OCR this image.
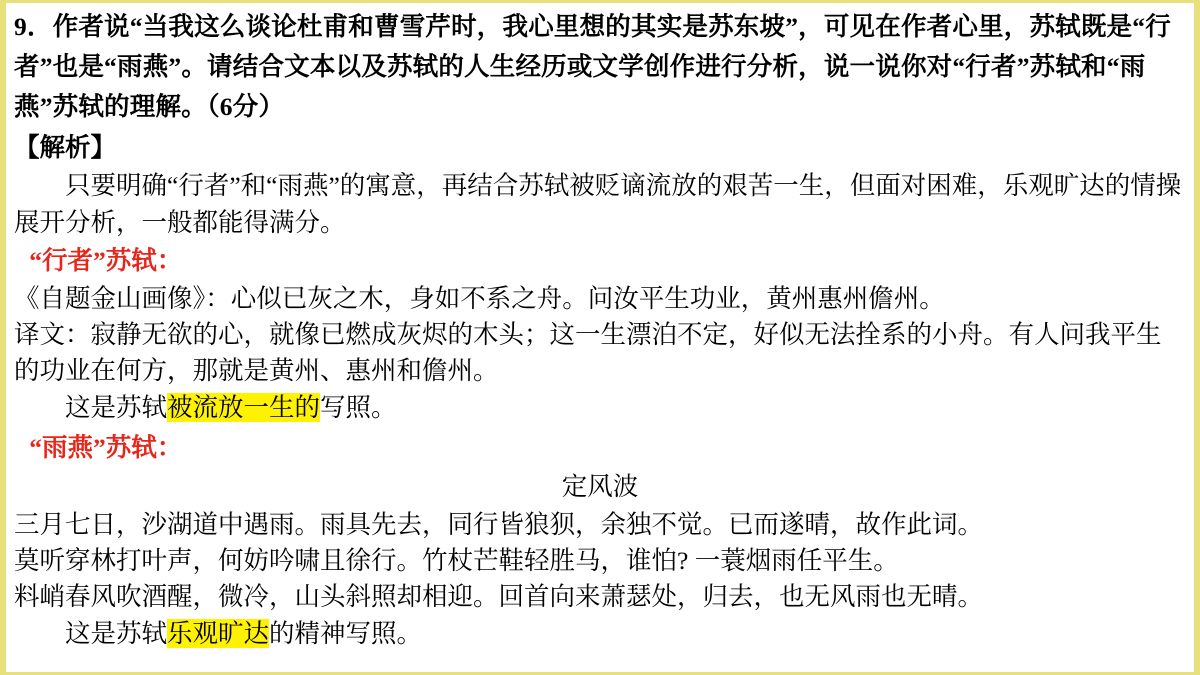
9．作者说“当我这么谈论杜甫和曹雪芹时，我心里想的其实是苏东坡”，可见在作者心里，苏轼既是“行者”也是“雨燕”。请结合文本以及苏轼的人生经历或文学创作进行分析，说一说你对“行者”苏轼和“雨燕”苏轼的理解。（6分）
【解析】
只要明确“行者”和“雨燕”的寓意，再结合苏轼被贬谪流放的艰苦一生，但面对困难，乐观旷达的情操展开分析，一般都能得满分。
“行者”苏轼：
《自题金山画像》：心似已灰之木，身如不系之舟。问汝平生功业，黄州惠州儋州。
译文：寂静无欲的心，就像已燃成灰烬的木头；这一生漂泊不定，好似无法拴系的小舟。有人问我平生的功业在何方，那就是黄州、惠州和儋州。
这是苏轼被流放一生的写照。
“雨燕”苏轼：
定风波
三月七日，沙湖道中遇雨。雨具先去，同行皆狼狈，余独不觉。已而遂晴，故作此词。
莫听穿林打叶声，何妨吟啸且徐行。竹杖芒鞋轻胜马，谁怕? 一蓑烟雨任平生。
料峭春风吹酒醒，微冷，山头斜照却相迎。回首向来萧瑟处，归去，也无风雨也无晴。
这是苏轼乐观旷达的精神写照。
